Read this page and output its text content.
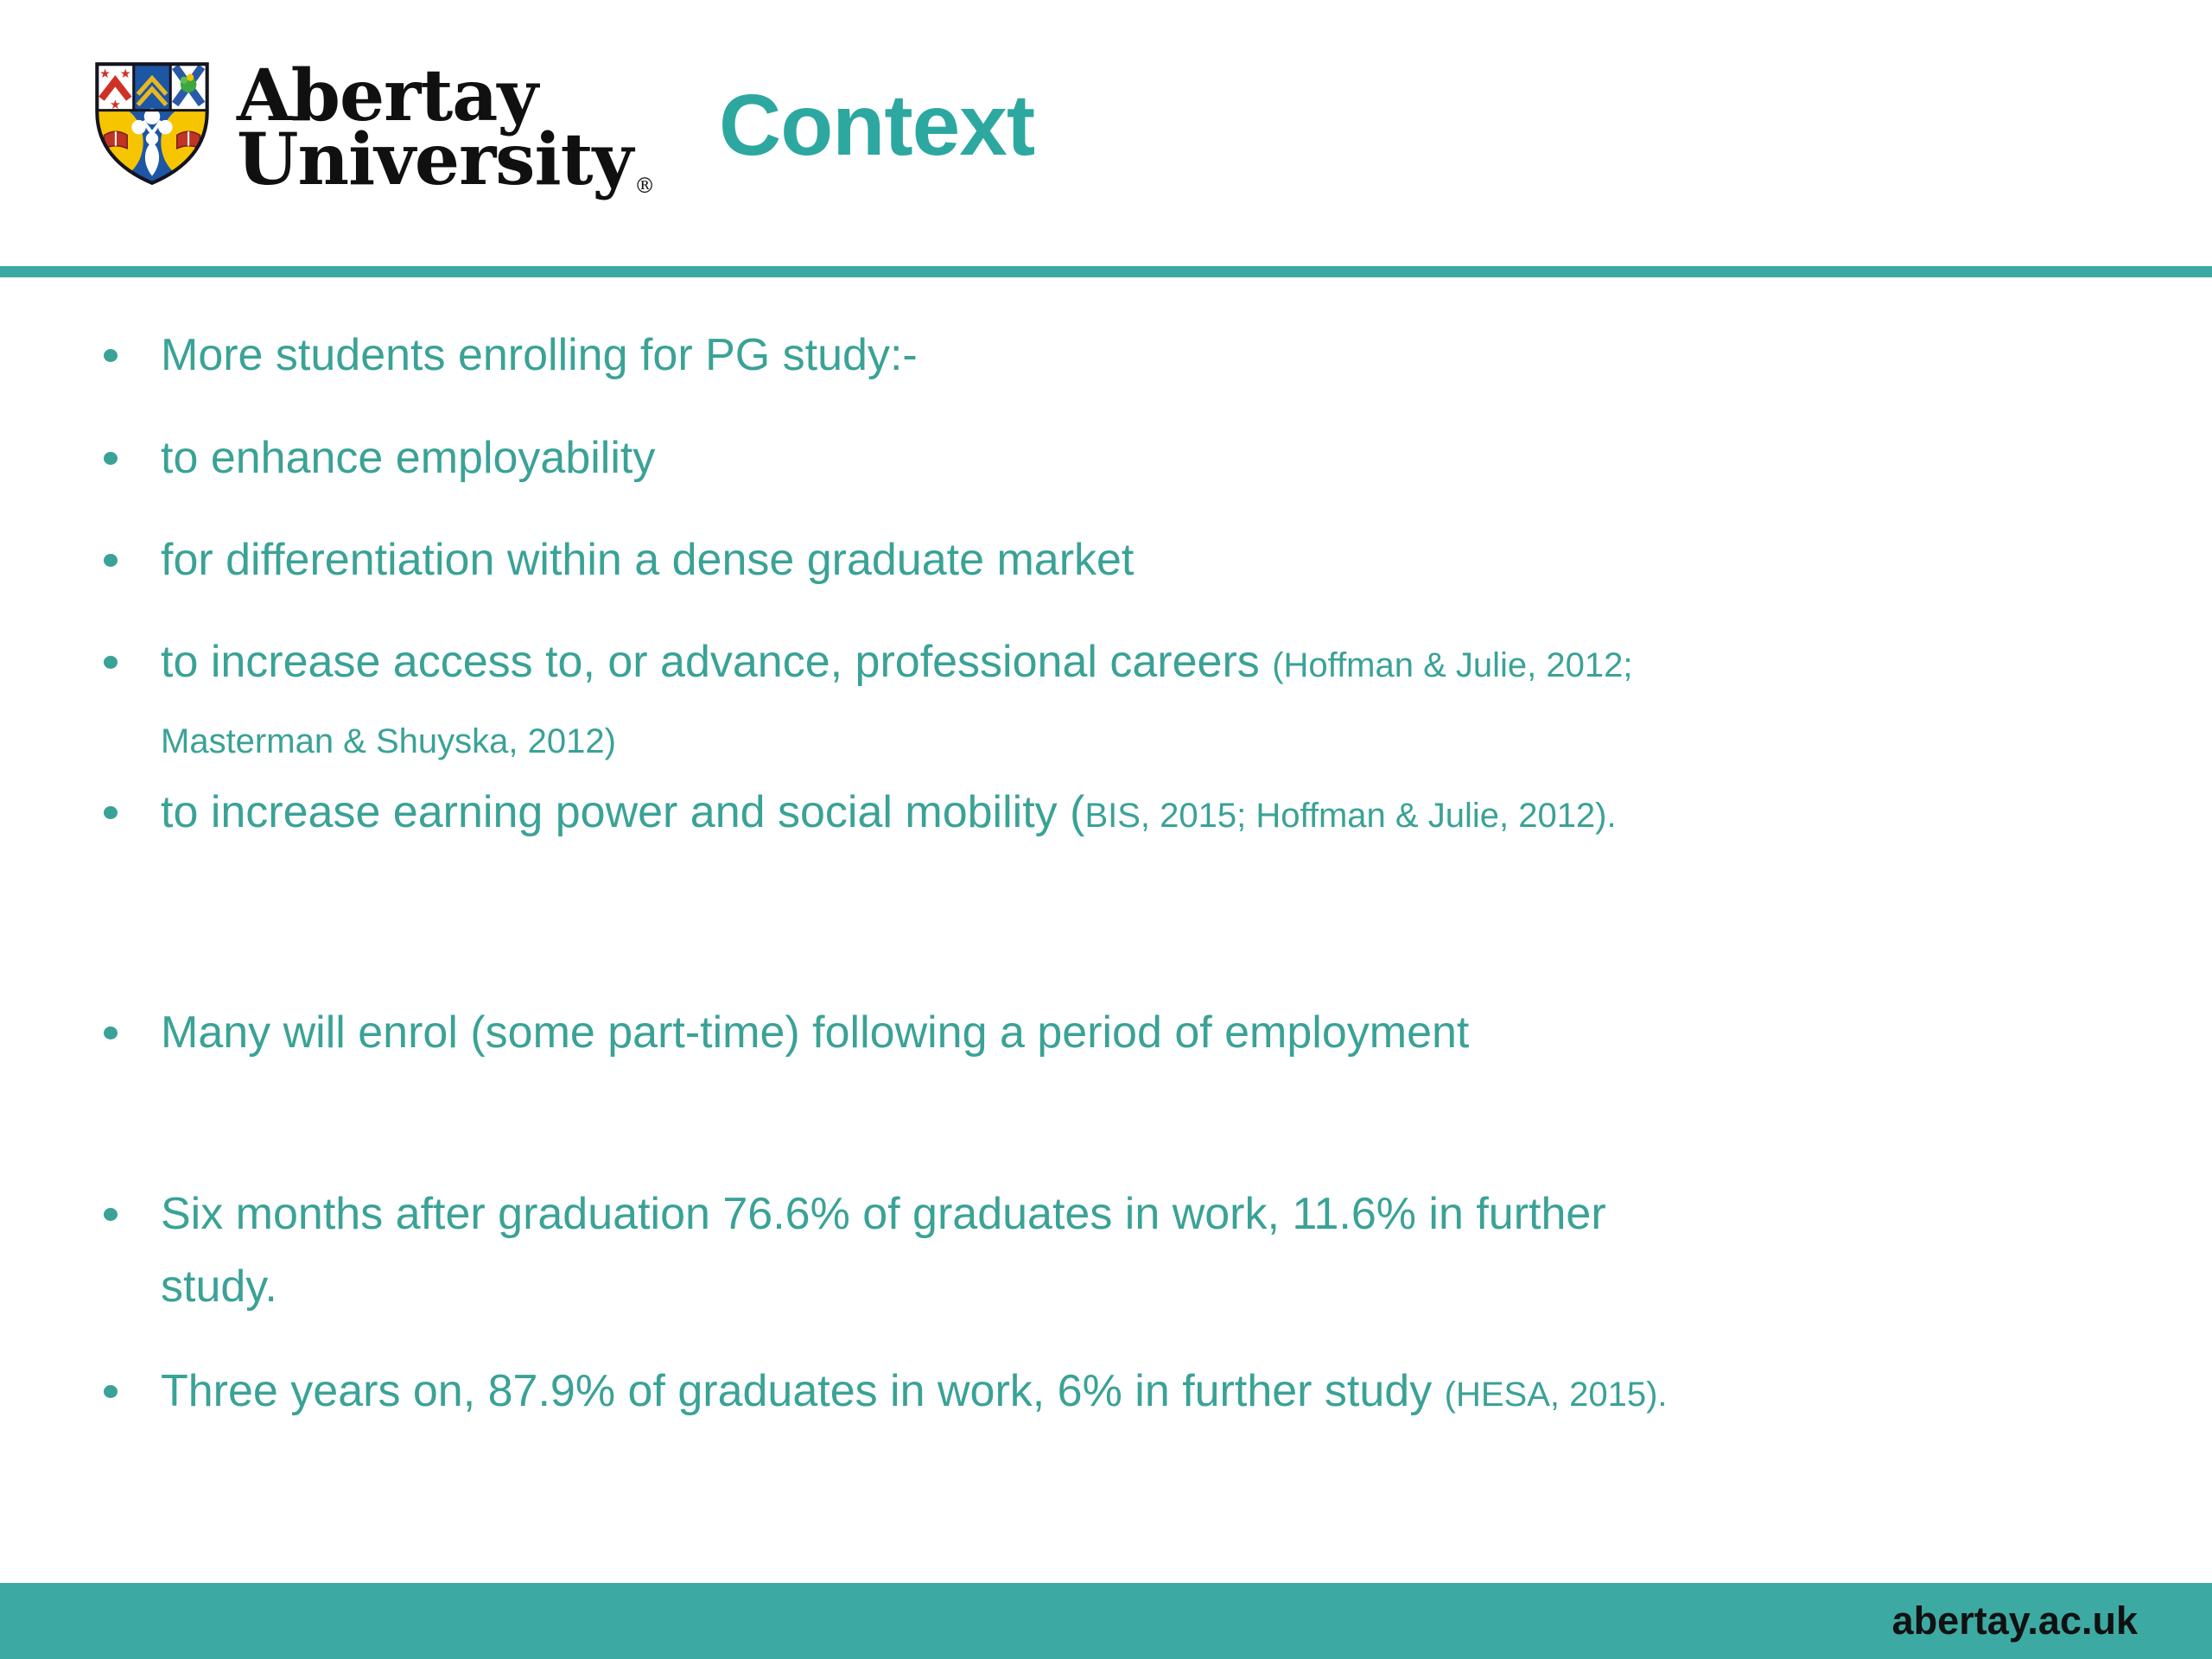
Abertay
University®
Context
More students enrolling for PG study:-
to enhance employability
for differentiation within a dense graduate market
to increase access to, or advance, professional careers (Hoffman & Julie, 2012;
Masterman & Shuyska, 2012)
to increase earning power and social mobility (BIS, 2015; Hoffman & Julie, 2012).
Many will enrol (some part-time) following a period of employment
Six months after graduation 76.6% of graduates in work, 11.6% in further
study.
Three years on, 87.9% of graduates in work, 6% in further study (HESA, 2015).
abertay.ac.uk
